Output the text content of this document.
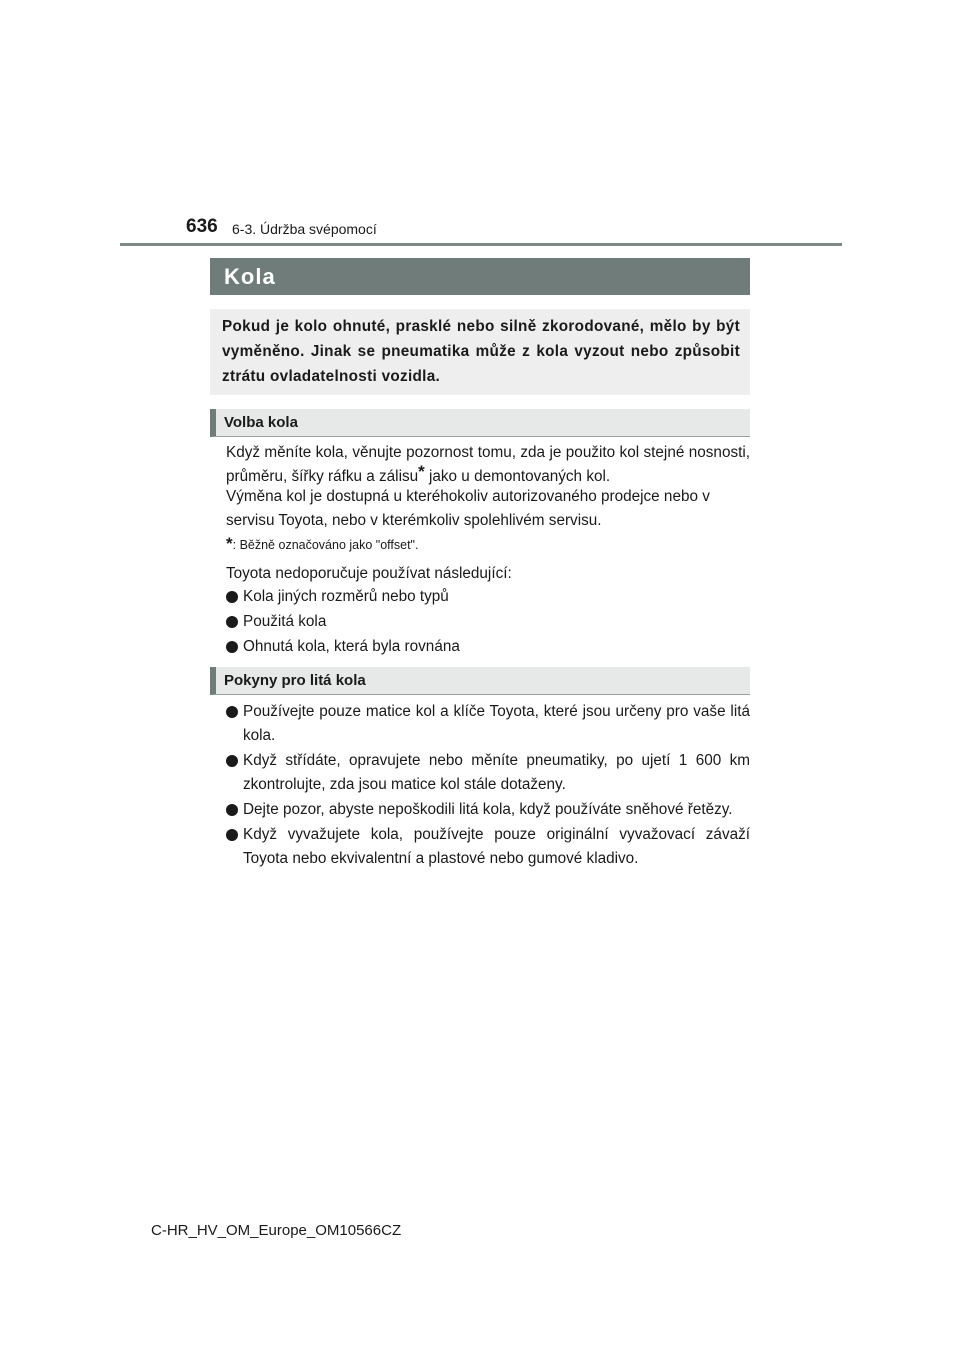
636 6-3. Údržba svépomocí
Kola
Pokud je kolo ohnuté, prasklé nebo silně zkorodované, mělo by být vyměněno. Jinak se pneumatika může z kola vyzout nebo způsobit ztrátu ovladatelnosti vozidla.
Volba kola
Když měníte kola, věnujte pozornost tomu, zda je použito kol stejné nosnosti, průměru, šířky ráfku a zálisu* jako u demontovaných kol.
Výměna kol je dostupná u kteréhokoliv autorizovaného prodejce nebo v servisu Toyota, nebo v kterémkoliv spolehlivém servisu.
*: Běžně označováno jako "offset".
Toyota nedoporučuje používat následující:
Kola jiných rozměrů nebo typů
Použitá kola
Ohnutá kola, která byla rovnána
Pokyny pro litá kola
Používejte pouze matice kol a klíče Toyota, které jsou určeny pro vaše litá kola.
Když střídáte, opravujete nebo měníte pneumatiky, po ujetí 1 600 km zkontrolujte, zda jsou matice kol stále dotaženy.
Dejte pozor, abyste nepoškodili litá kola, když používáte sněhové řetězy.
Když vyvažujete kola, používejte pouze originální vyvažovací závaží Toyota nebo ekvivalentní a plastové nebo gumové kladivo.
C-HR_HV_OM_Europe_OM10566CZ
